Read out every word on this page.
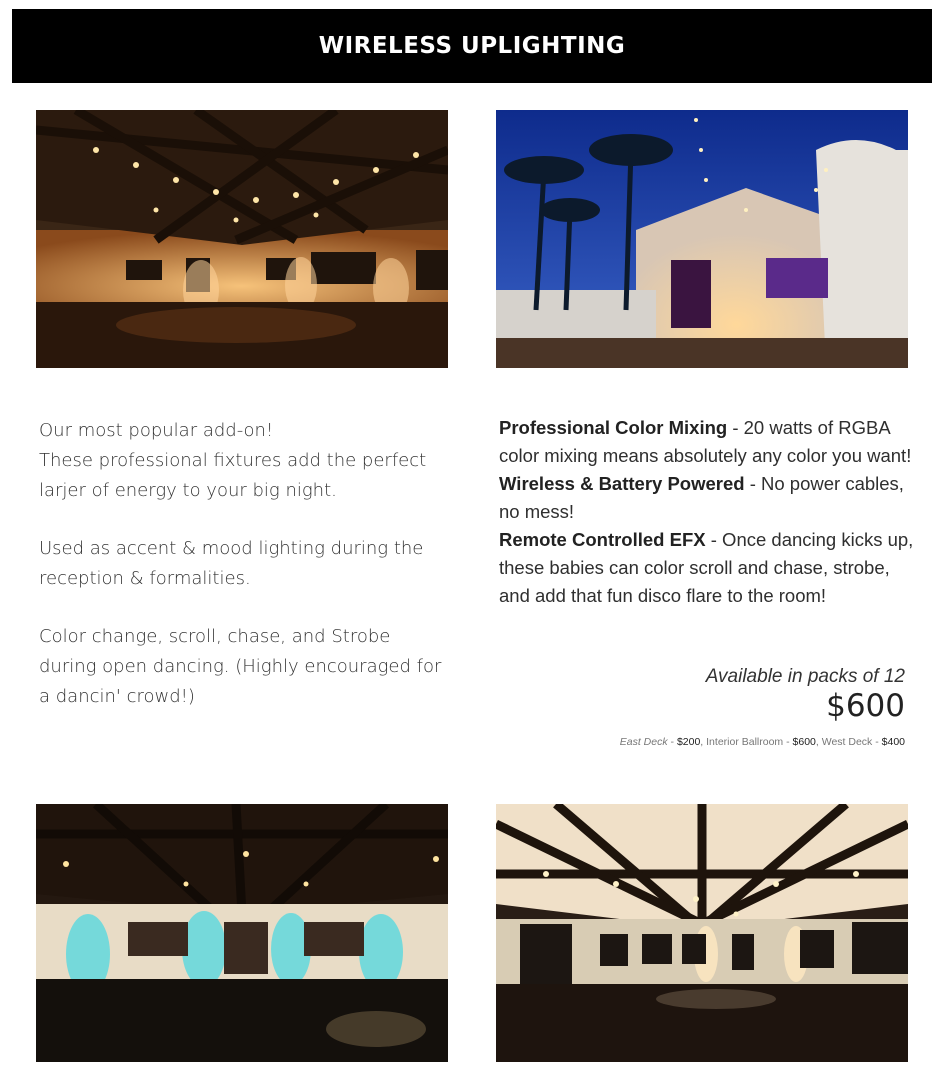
WIRELESS UPLIGHTING

Our most popular add-on!
These professional fixtures add the perfect larjer of energy to your big night.

Used as accent & mood lighting during the reception & formalities.

Color change, scroll, chase, and Strobe during open dancing. (Highly encouraged for a dancin' crowd!)

Professional Color Mixing - 20 watts of RGBA color mixing means absolutely any color you want!

Wireless & Battery Powered - No power cables, no mess!

Remote Controlled EFX - Once dancing kicks up, these babies can color scroll and chase, strobe, and add that fun disco flare to the room!

Available in packs of 12
$600
East Deck - $200, Interior Ballroom - $600, West Deck - $400
